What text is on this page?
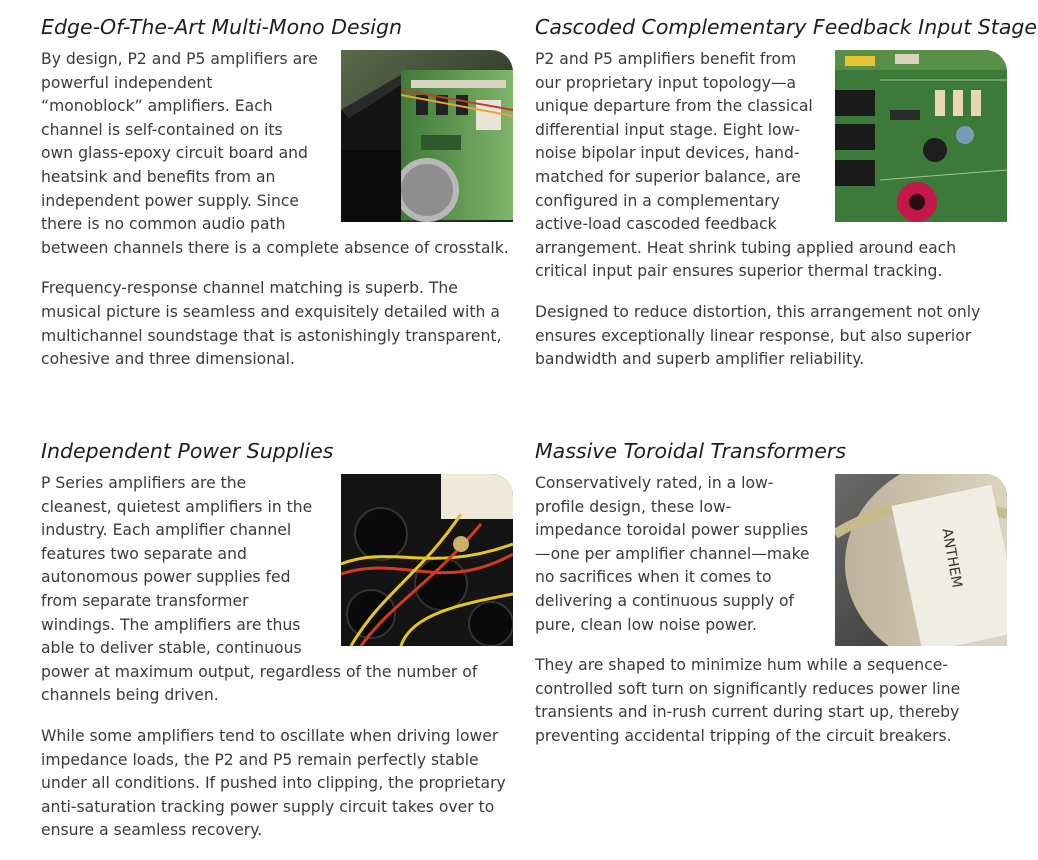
Edge-Of-The-Art Multi-Mono Design

By design, P2 and P5 amplifiers are powerful independent “monoblock” amplifiers. Each channel is self-contained on its own glass-epoxy circuit board and heatsink and benefits from an independent power supply. Since there is no common audio path between channels there is a complete absence of crosstalk.

Frequency-response channel matching is superb. The musical picture is seamless and exquisitely detailed with a multichannel soundstage that is astonishingly transparent, cohesive and three dimensional.

Cascoded Complementary Feedback Input Stage

P2 and P5 amplifiers benefit from our proprietary input topology—a unique departure from the classical differential input stage. Eight low-noise bipolar input devices, hand-matched for superior balance, are configured in a complementary active-load cascoded feedback arrangement. Heat shrink tubing applied around each critical input pair ensures superior thermal tracking.

Designed to reduce distortion, this arrangement not only ensures exceptionally linear response, but also superior bandwidth and superb amplifier reliability.

Independent Power Supplies

P Series amplifiers are the cleanest, quietest amplifiers in the industry. Each amplifier channel features two separate and autonomous power supplies fed from separate transformer windings. The amplifiers are thus able to deliver stable, continuous power at maximum output, regardless of the number of channels being driven.

While some amplifiers tend to oscillate when driving lower impedance loads, the P2 and P5 remain perfectly stable under all conditions. If pushed into clipping, the proprietary anti-saturation tracking power supply circuit takes over to ensure a seamless recovery.

Massive Toroidal Transformers
ANTHEM

Conservatively rated, in a low-profile design, these low-impedance toroidal power supplies—one per amplifier channel—make no sacrifices when it comes to delivering a continuous supply of pure, clean low noise power.

They are shaped to minimize hum while a sequence-controlled soft turn on significantly reduces power line transients and in-rush current during start up, thereby preventing accidental tripping of the circuit breakers.
